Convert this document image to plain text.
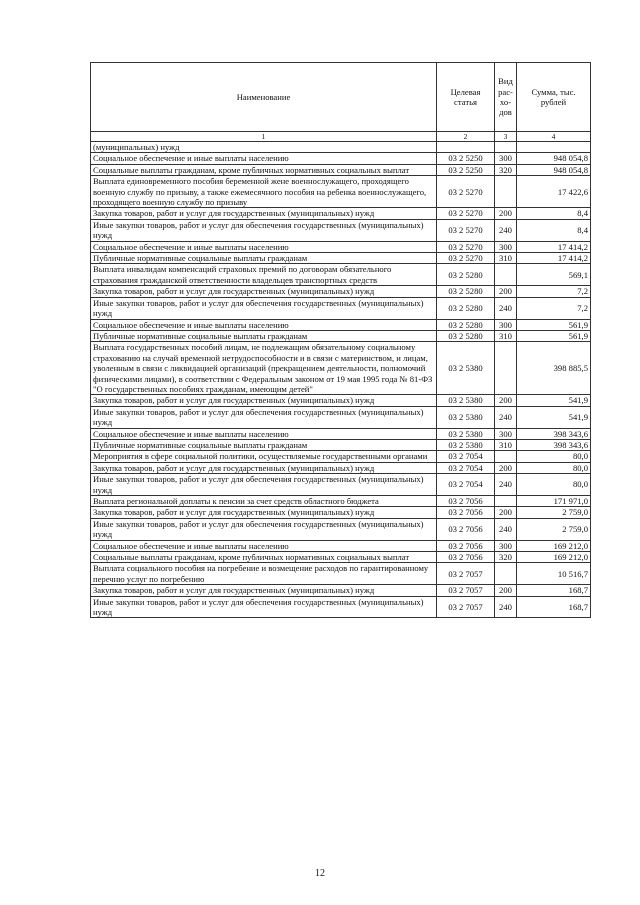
Наименование	Целевая статья	Вид рас-хо-дов	Сумма, тыс. рублей
1	2	3	4
(муниципальных) нужд			
Социальное обеспечение и иные выплаты населению	03 2 5250	300	948 054,8
Социальные выплаты гражданам, кроме публичных нормативных социальных выплат	03 2 5250	320	948 054,8
Выплата единовременного пособия беременной жене военнослужащего, проходящего военную службу по призыву, а также ежемесячного пособия на ребенка военнослужащего, проходящего военную службу по призыву	03 2 5270		17 422,6
Закупка товаров, работ и услуг для государственных (муниципальных) нужд	03 2 5270	200	8,4
Иные закупки товаров, работ и услуг для обеспечения государственных (муниципальных) нужд	03 2 5270	240	8,4
Социальное обеспечение и иные выплаты населению	03 2 5270	300	17 414,2
Публичные нормативные социальные выплаты гражданам	03 2 5270	310	17 414,2
Выплата инвалидам компенсаций страховых премий по договорам обязательного страхования гражданской ответственности владельцев транспортных средств	03 2 5280		569,1
Закупка товаров, работ и услуг для государственных (муниципальных) нужд	03 2 5280	200	7,2
Иные закупки товаров, работ и услуг для обеспечения государственных (муниципальных) нужд	03 2 5280	240	7,2
Социальное обеспечение и иные выплаты населению	03 2 5280	300	561,9
Публичные нормативные социальные выплаты гражданам	03 2 5280	310	561,9
Выплата государственных пособий лицам, не подлежащим обязательному социальному страхованию на случай временной нетрудоспособности и в связи с материнством, и лицам, уволенным в связи с ликвидацией организаций (прекращением деятельности, полномочий физическими лицами), в соответствии с Федеральным законом от 19 мая 1995 года № 81-ФЗ "О государственных пособиях гражданам, имеющим детей"	03 2 5380		398 885,5
Закупка товаров, работ и услуг для государственных (муниципальных) нужд	03 2 5380	200	541,9
Иные закупки товаров, работ и услуг для обеспечения государственных (муниципальных) нужд	03 2 5380	240	541,9
Социальное обеспечение и иные выплаты населению	03 2 5380	300	398 343,6
Публичные нормативные социальные выплаты гражданам	03 2 5380	310	398 343,6
Мероприятия в сфере социальной политики, осуществляемые государственными органами	03 2 7054		80,0
Закупка товаров, работ и услуг для государственных (муниципальных) нужд	03 2 7054	200	80,0
Иные закупки товаров, работ и услуг для обеспечения государственных (муниципальных) нужд	03 2 7054	240	80,0
Выплата региональной доплаты к пенсии за счет средств областного бюджета	03 2 7056		171 971,0
Закупка товаров, работ и услуг для государственных (муниципальных) нужд	03 2 7056	200	2 759,0
Иные закупки товаров, работ и услуг для обеспечения государственных (муниципальных) нужд	03 2 7056	240	2 759,0
Социальное обеспечение и иные выплаты населению	03 2 7056	300	169 212,0
Социальные выплаты гражданам, кроме публичных нормативных социальных выплат	03 2 7056	320	169 212,0
Выплата социального пособия на погребение и возмещение расходов по гарантированному перечню услуг по погребению	03 2 7057		10 516,7
Закупка товаров, работ и услуг для государственных (муниципальных) нужд	03 2 7057	200	168,7
Иные закупки товаров, работ и услуг для обеспечения государственных (муниципальных) нужд	03 2 7057	240	168,7
12
